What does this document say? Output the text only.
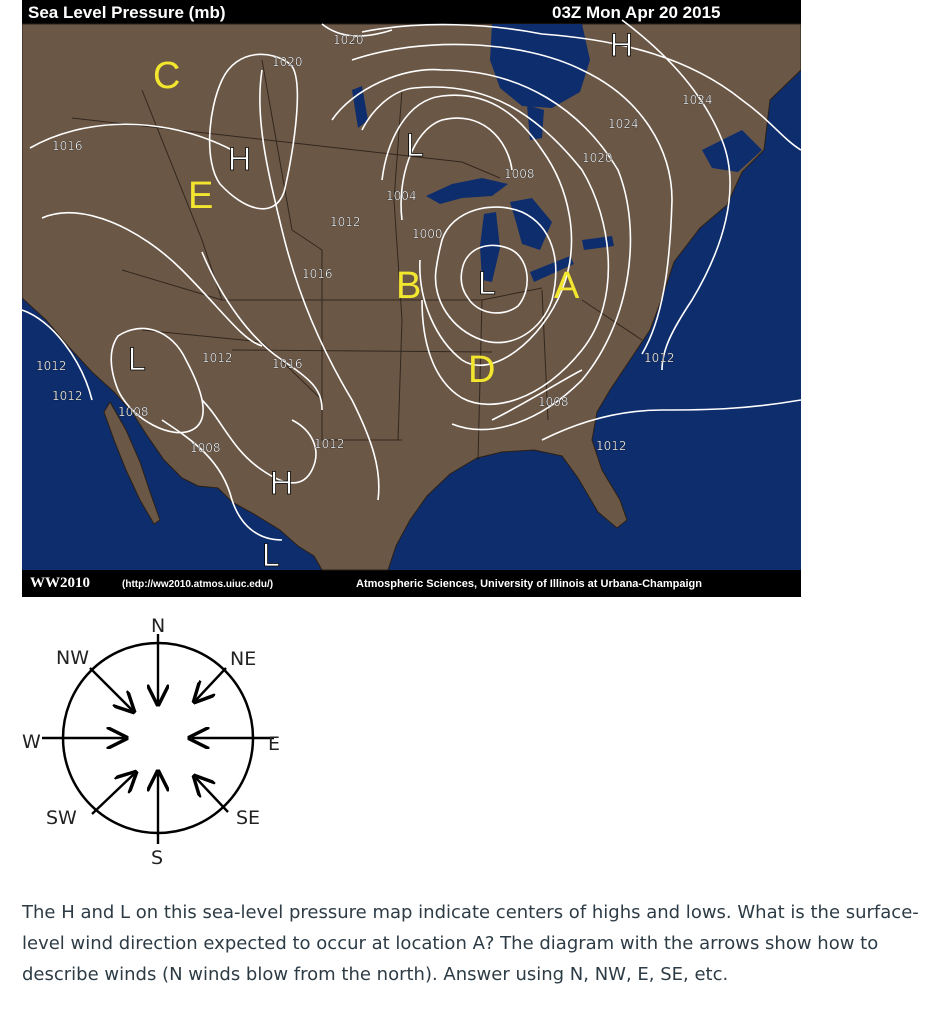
1020
1020
1024
1024
1020
1016
1008
1004
1012
1000
1016
1012	1016
1012
1012
1008
1008	1012
1008
1012
1012
H
H
H
L
L
L
L
A
B
C
D
E
Sea Level Pressure (mb)	03Z Mon Apr 20 2015
WW2010	(http://ww2010.atmos.uiuc.edu/)	Atmospheric Sciences, University of Illinois at Urbana-Champaign
N
NE
E
SE
S
SW
W
NW

The H and L on this sea-level pressure map indicate centers of highs and lows. What is the surface-level wind direction expected to occur at location A? The diagram with the arrows show how to describe winds (N winds blow from the north). Answer using N, NW, E, SE, etc.
